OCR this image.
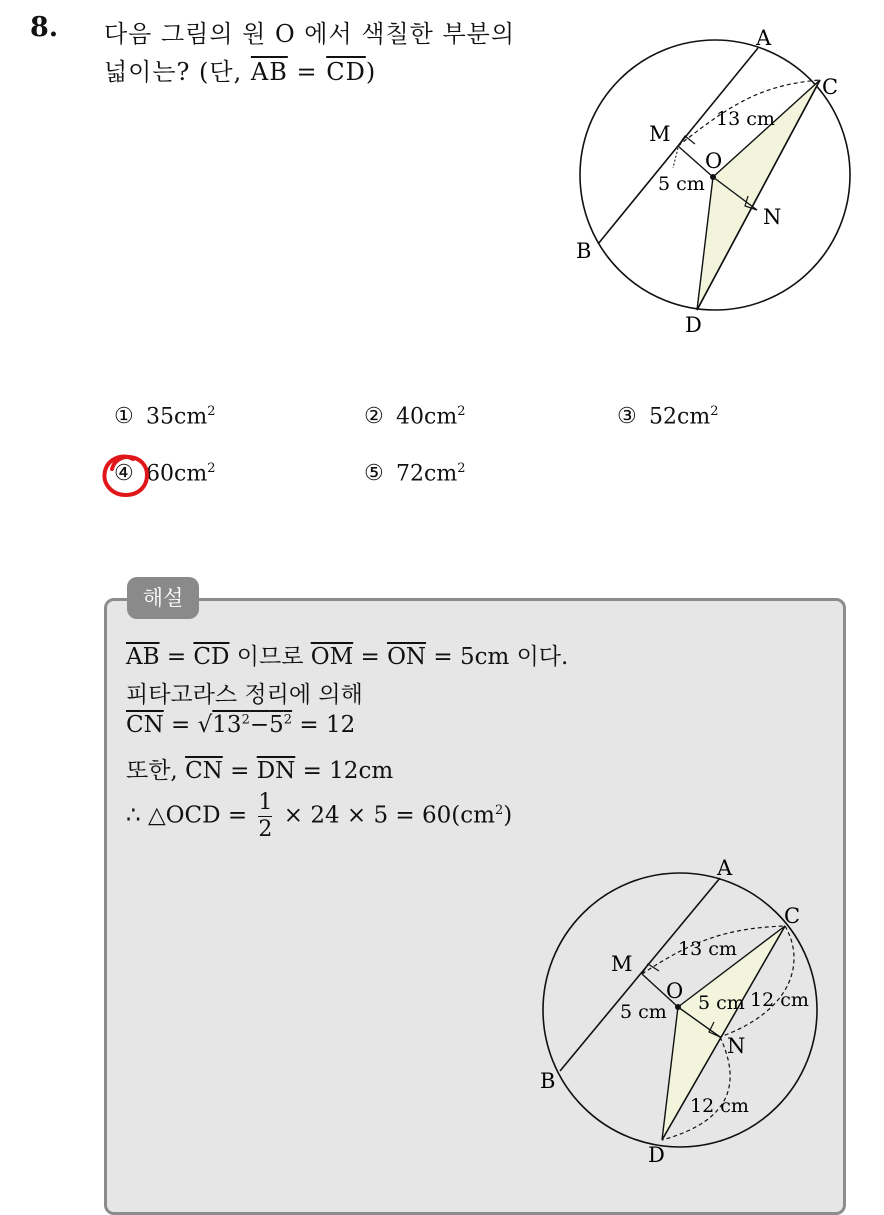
8. 다음 그림의 원 O 에서 색칠한 부분의
넓이는? (단, $\overline{AB} = \overline{CD}$)
A
B
C
D
M
N
O
13 cm
5 cm
① $35cm^2$	② $40cm^2$	③ $52cm^2$
④ $60cm^2$	⑤ $72cm^2$
해설
$\overline{AB} = \overline{CD}$ 이므로 $\overline{OM} = \overline{ON} = 5cm$ 이다.
피타고라스 정리에 의해
$\overline{CN} = √13^2-5^2 = 12$
또한, $\overline{CN} = \overline{DN} = 12cm$
∴ △OCD = $\frac{1}{2} \times 24 \times 5 = 60(cm^2)$
A
B
C
D
M
N
O
13 cm
5 cm 5 cm 12 cm
12 cm
